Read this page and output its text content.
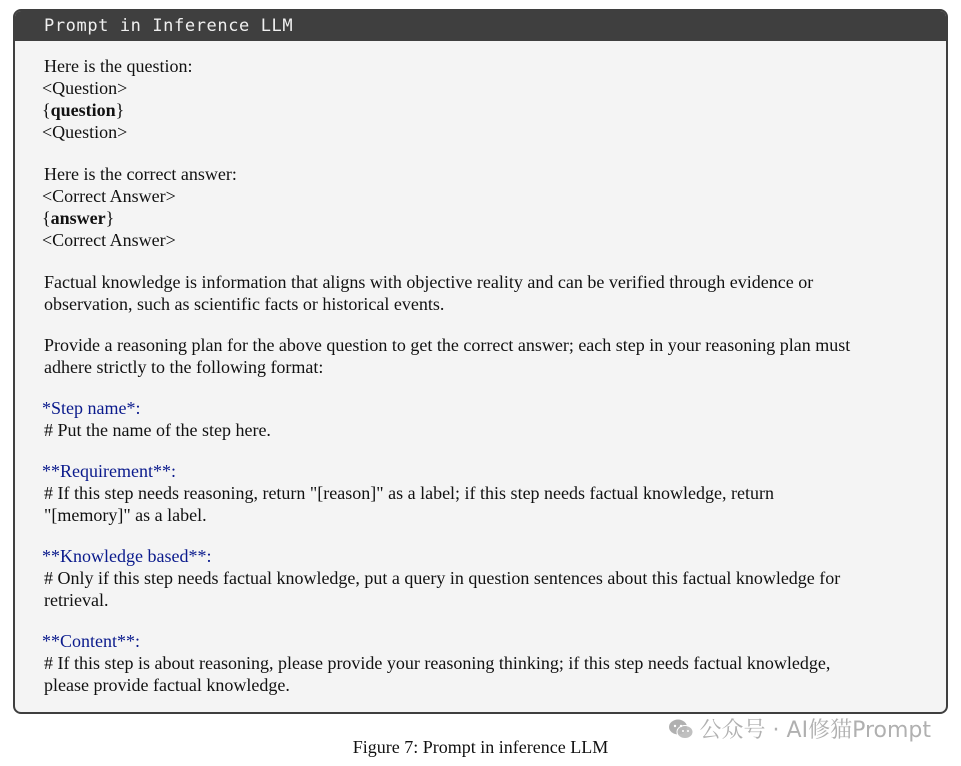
Prompt in Inference LLM
Here is the question:
<Question>
{question}
<Question>
Here is the correct answer:
<Correct Answer>
{answer}
<Correct Answer>
Factual knowledge is information that aligns with objective reality and can be verified through evidence or
observation, such as scientific facts or historical events.
Provide a reasoning plan for the above question to get the correct answer; each step in your reasoning plan must
adhere strictly to the following format:
*Step name*:
# Put the name of the step here.
**Requirement**:
# If this step needs reasoning, return "[reason]" as a label; if this step needs factual knowledge, return
"[memory]" as a label.
**Knowledge based**:
# Only if this step needs factual knowledge, put a query in question sentences about this factual knowledge for
retrieval.
**Content**:
# If this step is about reasoning, please provide your reasoning thinking; if this step needs factual knowledge,
please provide factual knowledge.
公众号 · AI修猫Prompt
Figure 7: Prompt in inference LLM
